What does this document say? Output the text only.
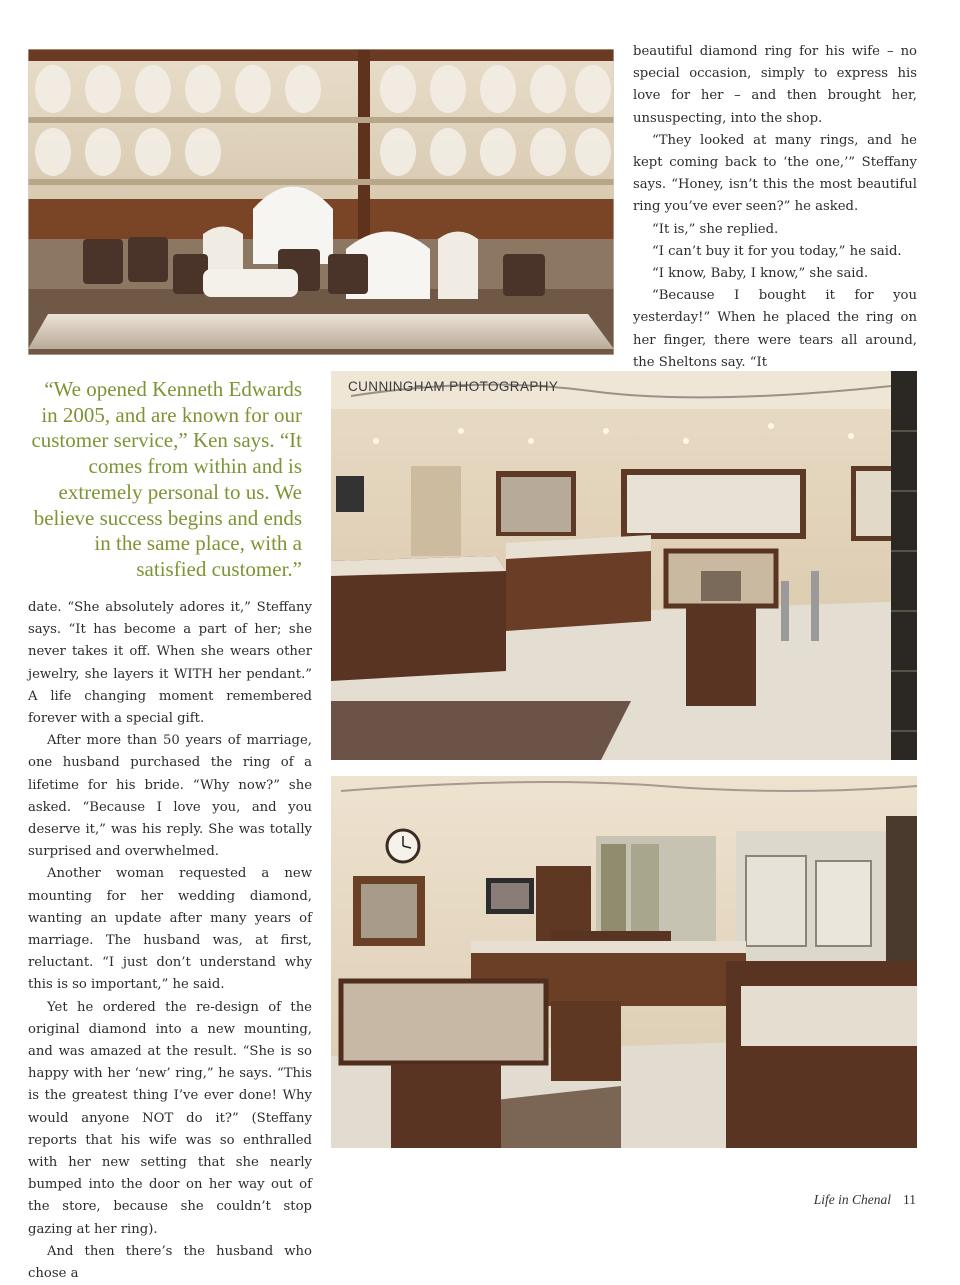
beautiful diamond ring for his wife – no special occasion, simply to express his love for her – and then brought her, unsuspecting, into the shop.

“They looked at many rings, and he kept coming back to ‘the one,’” Steffany says. “Honey, isn’t this the most beautiful ring you’ve ever seen?” he asked.

“It is,” she replied.

“I can’t buy it for you today,” he said.

“I know, Baby, I know,” she said.

“Because I bought it for you yesterday!” When he placed the ring on her finger, there were tears all around, the Sheltons say. “It

“We opened Kenneth Edwards in 2005, and are known for our customer service,” Ken says. “It comes from within and is extremely personal to us. We believe success begins and ends in the same place, with a satisfied customer.”

CUNNINGHAM PHOTOGRAPHY

date. “She absolutely adores it,” Steffany says. “It has become a part of her; she never takes it off. When she wears other jewelry, she layers it WITH her pendant.” A life changing moment remembered forever with a special gift.

After more than 50 years of marriage, one husband purchased the ring of a lifetime for his bride. “Why now?” she asked. “Because I love you, and you deserve it,” was his reply. She was totally surprised and overwhelmed.

Another woman requested a new mounting for her wedding diamond, wanting an update after many years of marriage. The husband was, at first, reluctant. “I just don’t understand why this is so important,” he said.

Yet he ordered the re-design of the original diamond into a new mounting, and was amazed at the result. “She is so happy with her ‘new’ ring,” he says. “This is the greatest thing I’ve ever done! Why would anyone NOT do it?” (Steffany reports that his wife was so enthralled with her new setting that she nearly bumped into the door on her way out of the store, because she couldn’t stop gazing at her ring).

And then there’s the husband who chose a

Life in Chenal 11
